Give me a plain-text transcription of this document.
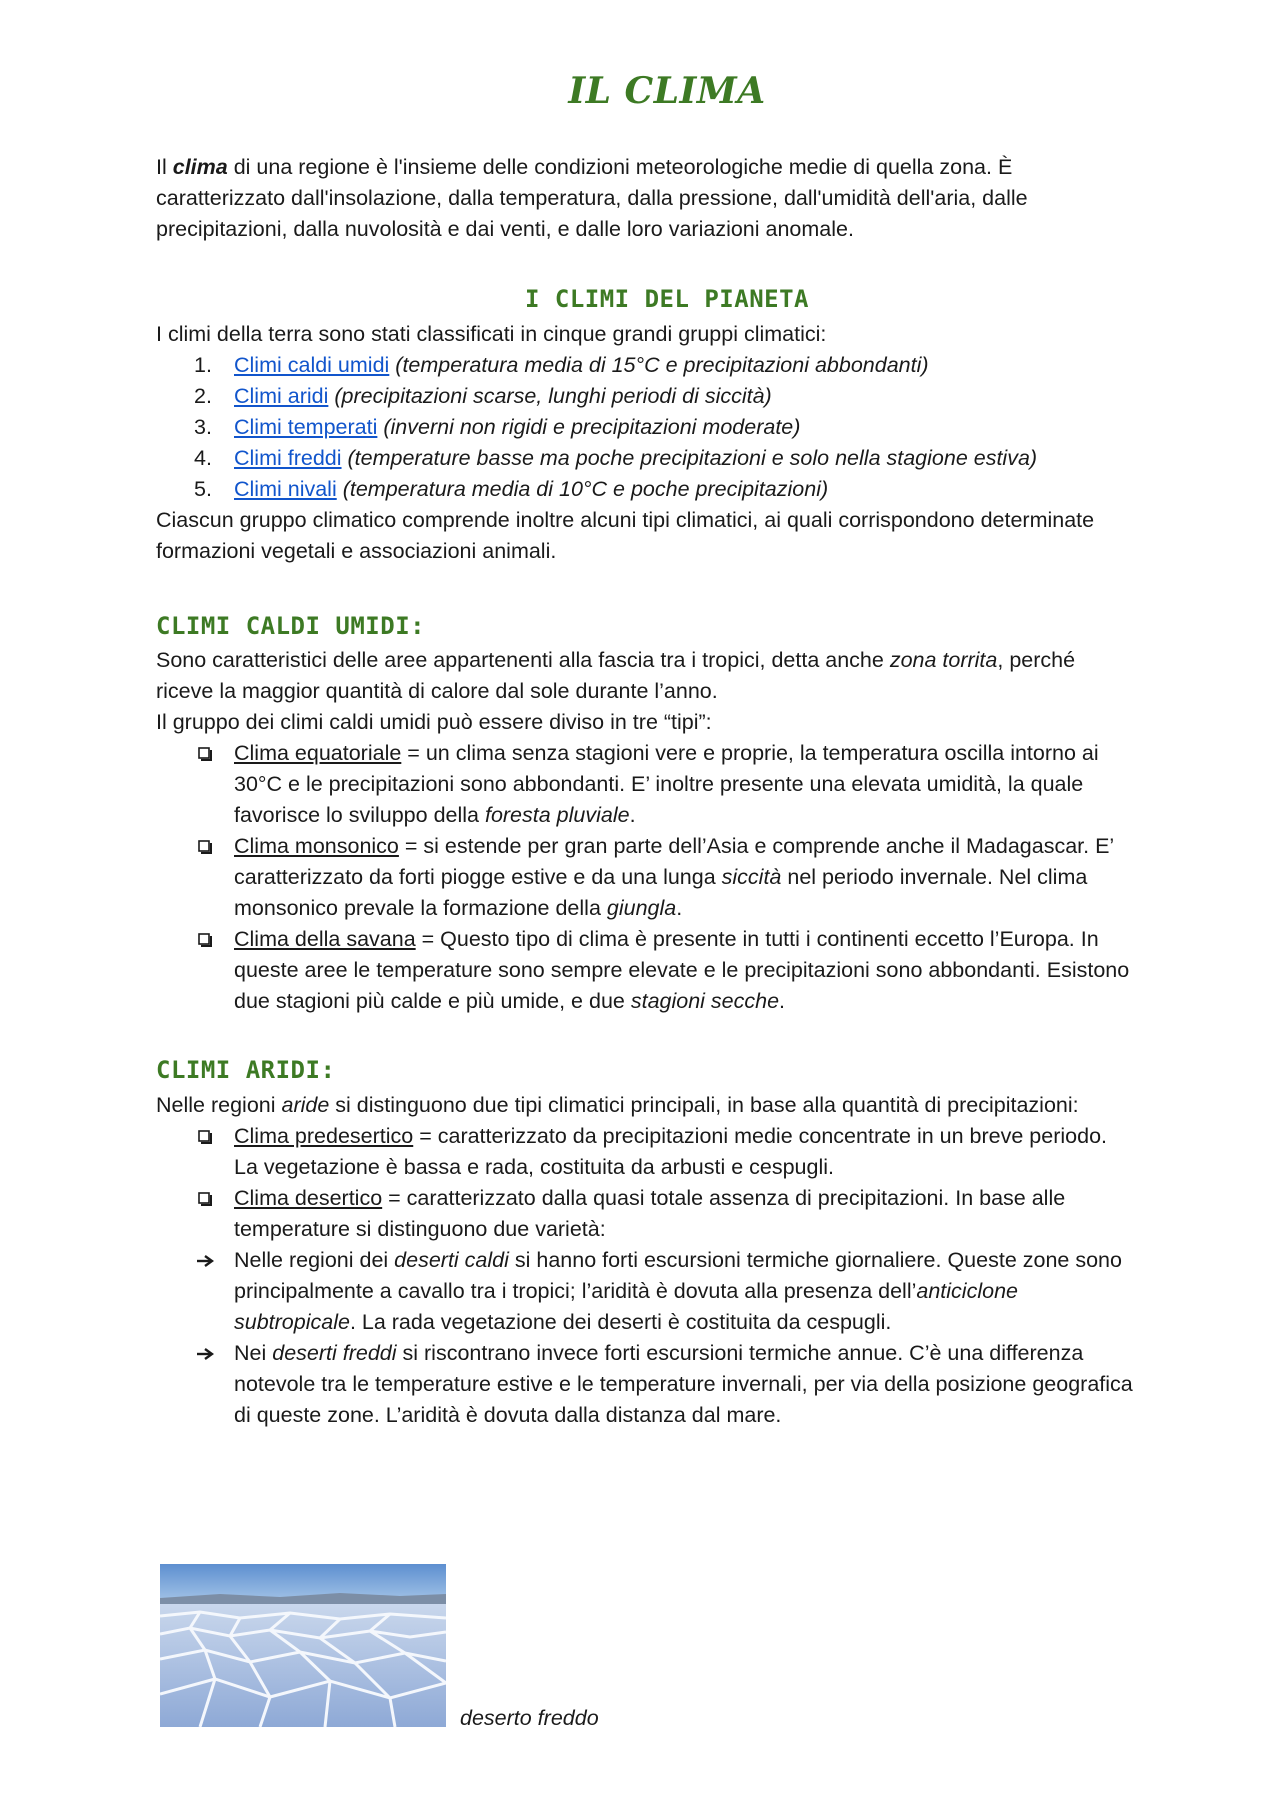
IL CLIMA

Il clima di una regione è l'insieme delle condizioni meteorologiche medie di quella zona. È caratterizzato dall'insolazione, dalla temperatura, dalla pressione, dall'umidità dell'aria, dalle precipitazioni, dalla nuvolosità e dai venti, e dalle loro variazioni anomale.

I CLIMI DEL PIANETA

I climi della terra sono stati classificati in cinque grandi gruppi climatici:

1. Climi caldi umidi (temperatura media di 15°C e precipitazioni abbondanti)
2. Climi aridi (precipitazioni scarse, lunghi periodi di siccità)
3. Climi temperati (inverni non rigidi e precipitazioni moderate)
4. Climi freddi (temperature basse ma poche precipitazioni e solo nella stagione estiva)
5. Climi nivali (temperatura media di 10°C e poche precipitazioni)

Ciascun gruppo climatico comprende inoltre alcuni tipi climatici, ai quali corrispondono determinate formazioni vegetali e associazioni animali.

CLIMI CALDI UMIDI:

Sono caratteristici delle aree appartenenti alla fascia tra i tropici, detta anche zona torrita, perché riceve la maggior quantità di calore dal sole durante l’anno.

Il gruppo dei climi caldi umidi può essere diviso in tre “tipi”:

Clima equatoriale = un clima senza stagioni vere e proprie, la temperatura oscilla intorno ai 30°C e le precipitazioni sono abbondanti. E’ inoltre presente una elevata umidità, la quale favorisce lo sviluppo della foresta pluviale.
Clima monsonico = si estende per gran parte dell’Asia e comprende anche il Madagascar. E’ caratterizzato da forti piogge estive e da una lunga siccità nel periodo invernale. Nel clima monsonico prevale la formazione della giungla.
Clima della savana = Questo tipo di clima è presente in tutti i continenti eccetto l’Europa. In queste aree le temperature sono sempre elevate e le precipitazioni sono abbondanti. Esistono due stagioni più calde e più umide, e due stagioni secche.
CLIMI ARIDI:

Nelle regioni aride si distinguono due tipi climatici principali, in base alla quantità di precipitazioni:

Clima predesertico = caratterizzato da precipitazioni medie concentrate in un breve periodo. La vegetazione è bassa e rada, costituita da arbusti e cespugli.
Clima desertico = caratterizzato dalla quasi totale assenza di precipitazioni. In base alle temperature si distinguono due varietà:
Nelle regioni dei deserti caldi si hanno forti escursioni termiche giornaliere. Queste zone sono principalmente a cavallo tra i tropici; l’aridità è dovuta alla presenza dell’anticiclone subtropicale. La rada vegetazione dei deserti è costituita da cespugli.
Nei deserti freddi si riscontrano invece forti escursioni termiche annue. C’è una differenza notevole tra le temperature estive e le temperature invernali, per via della posizione geografica di queste zone. L’aridità è dovuta dalla distanza dal mare.
deserto freddo
